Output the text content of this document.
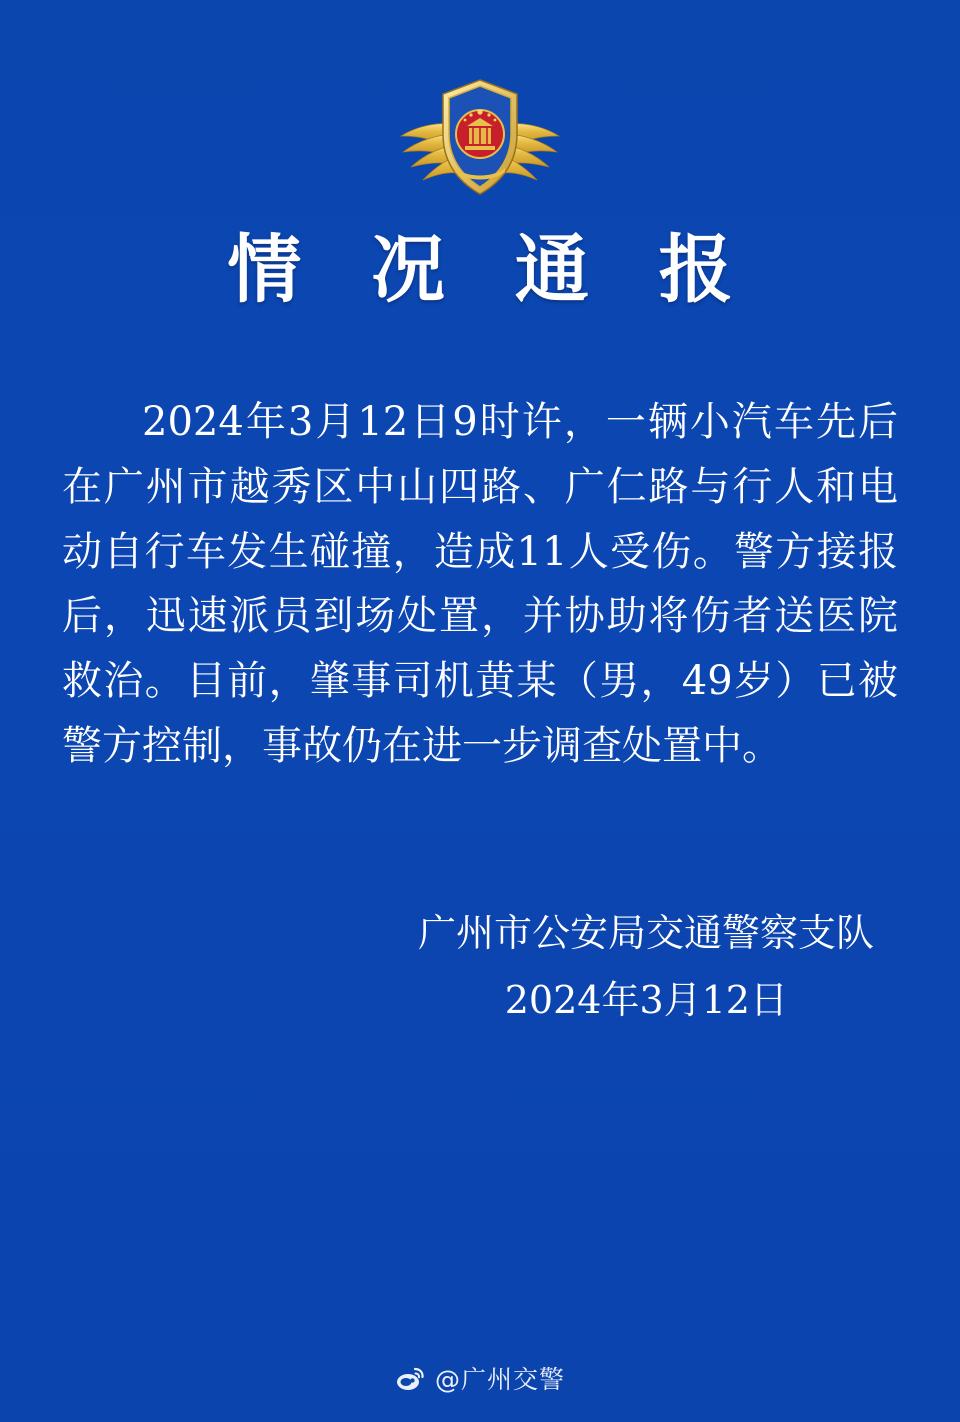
情 况 通 报
2024年3月12日9时许，一辆小汽车先后在广州市越秀区中山四路、广仁路与行人和电动自行车发生碰撞，造成11人受伤。警方接报后，迅速派员到场处置，并协助将伤者送医院救治。目前，肇事司机黄某（男，49岁）已被警方控制，事故仍在进一步调查处置中。
广州市公安局交通警察支队
2024年3月12日
@广州交警
